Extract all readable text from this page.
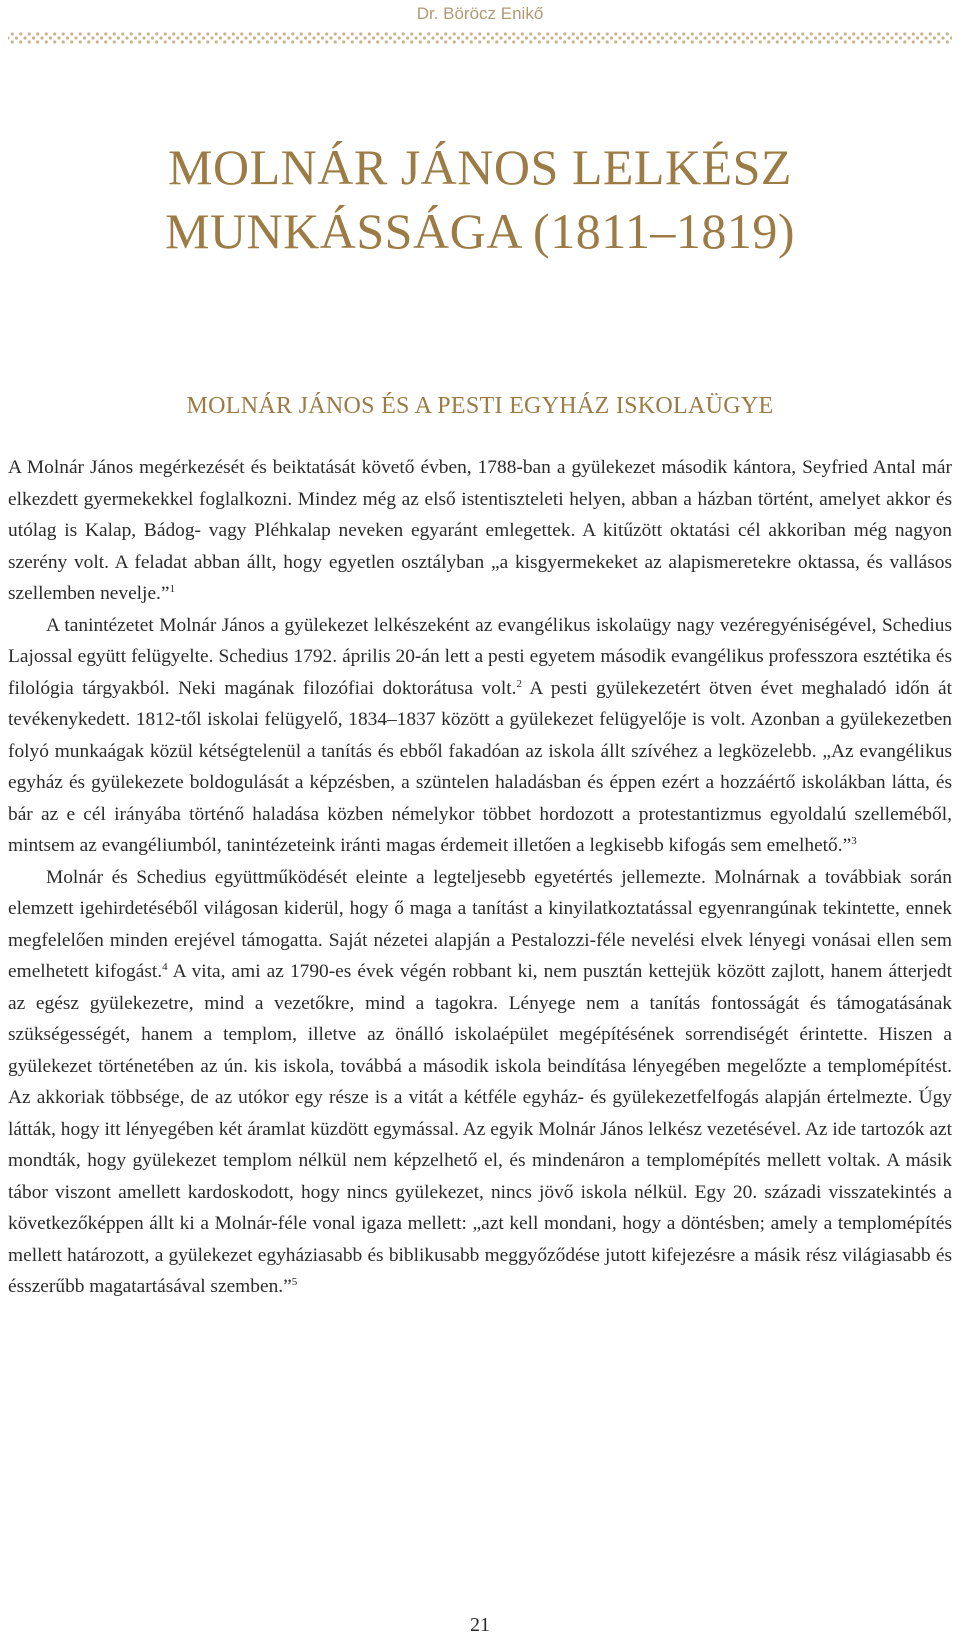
Dr. Böröcz Enikő
MOLNÁR JÁNOS LELKÉSZ
MUNKÁSSÁGA (1811–1819)
MOLNÁR JÁNOS ÉS A PESTI EGYHÁZ ISKOLAÜGYE

A Molnár János megérkezését és beiktatását követő évben, 1788-ban a gyülekezet második kántora, Seyfried Antal már elkezdett gyermekekkel foglalkozni. Mindez még az első istentiszteleti helyen, abban a házban történt, amelyet akkor és utólag is Kalap, Bádog- vagy Pléhkalap neveken egyaránt emlegettek. A kitűzött oktatási cél akkoriban még nagyon szerény volt. A feladat abban állt, hogy egyetlen osztályban „a kisgyermekeket az alapismeretekre oktassa, és vallásos szellemben nevelje.”$^1$

A tanintézetet Molnár János a gyülekezet lelkészeként az evangélikus iskolaügy nagy vezéregyéniségével, Schedius Lajossal együtt felügyelte. Schedius 1792. április 20-án lett a pesti egyetem második evangélikus professzora esztétika és filológia tárgyakból. Neki magának filozófiai doktorátusa volt.$^2$ A pesti gyülekezetért ötven évet meghaladó időn át tevékenykedett. 1812-től iskolai felügyelő, 1834–1837 között a gyülekezet felügyelője is volt. Azonban a gyülekezetben folyó munkaágak közül kétségtelenül a tanítás és ebből fakadóan az iskola állt szívéhez a legközelebb. „Az evangélikus egyház és gyülekezete boldogulását a képzésben, a szüntelen haladásban és éppen ezért a hozzáértő iskolákban látta, és bár az e cél irányába történő haladása közben némelykor többet hordozott a protestantizmus egyoldalú szelleméből, mintsem az evangéliumból, tanintézeteink iránti magas érdemeit illetően a legkisebb kifogás sem emelhető.”$^3$

Molnár és Schedius együttműködését eleinte a legteljesebb egyetértés jellemezte. Molnárnak a továbbiak során elemzett igehirdetéséből világosan kiderül, hogy ő maga a tanítást a kinyilatkoztatással egyenrangúnak tekintette, ennek megfelelően minden erejével támogatta. Saját nézetei alapján a Pestalozzi-féle nevelési elvek lényegi vonásai ellen sem emelhetett kifogást.$^4$ A vita, ami az 1790-es évek végén robbant ki, nem pusztán kettejük között zajlott, hanem átterjedt az egész gyülekezetre, mind a vezetőkre, mind a tagokra. Lényege nem a tanítás fontosságát és támogatásának szükségességét, hanem a templom, illetve az önálló iskolaépület megépítésének sorrendiségét érintette. Hiszen a gyülekezet történetében az ún. kis iskola, továbbá a második iskola beindítása lényegében megelőzte a templomépítést. Az akkoriak többsége, de az utókor egy része is a vitát a kétféle egyház- és gyülekezetfelfogás alapján értelmezte. Úgy látták, hogy itt lényegében két áramlat küzdött egymással. Az egyik Molnár János lelkész vezetésével. Az ide tartozók azt mondták, hogy gyülekezet templom nélkül nem képzelhető el, és mindenáron a templomépítés mellett voltak. A másik tábor viszont amellett kardoskodott, hogy nincs gyülekezet, nincs jövő iskola nélkül. Egy 20. századi visszatekintés a következőképpen állt ki a Molnár-féle vonal igaza mellett: „azt kell mondani, hogy a döntésben; amely a templomépítés mellett határozott, a gyülekezet egyháziasabb és biblikusabb meggyőződése jutott kifejezésre a másik rész világiasabb és ésszerűbb magatartásával szemben.”$^5$

21
